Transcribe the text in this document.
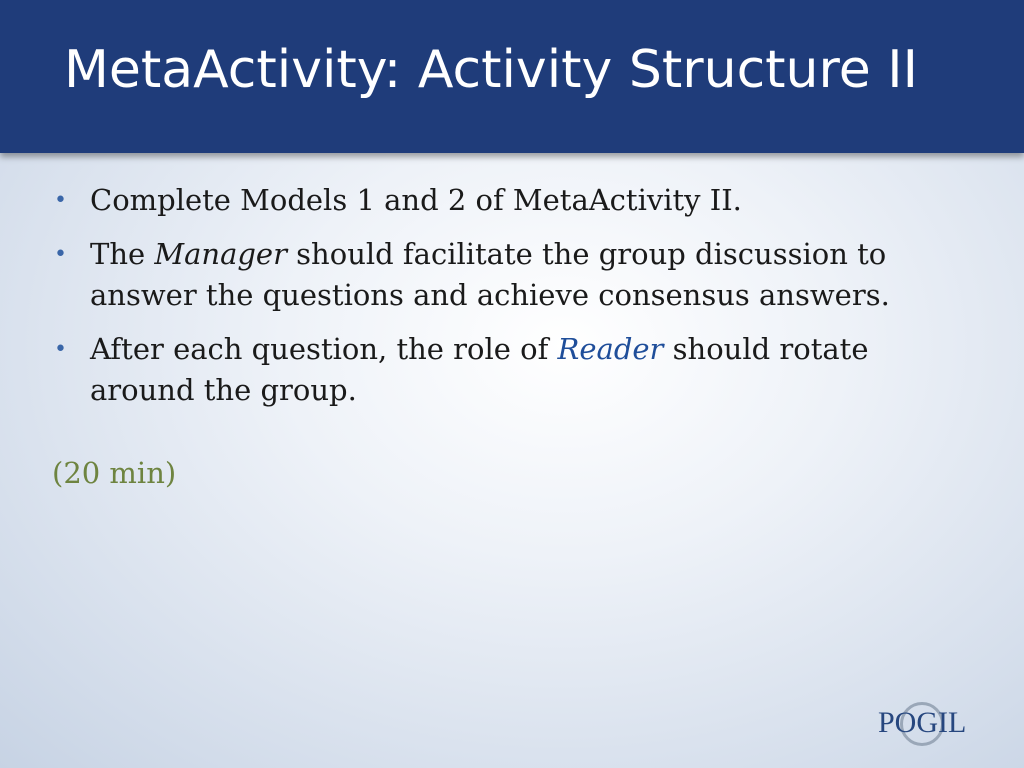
MetaActivity: Activity Structure II
• Complete Models 1 and 2 of MetaActivity II.
• The Manager should facilitate the group discussion to answer the questions and achieve consensus answers.
• After each question, the role of Reader should rotate around the group.

(20 min)

POGIL
